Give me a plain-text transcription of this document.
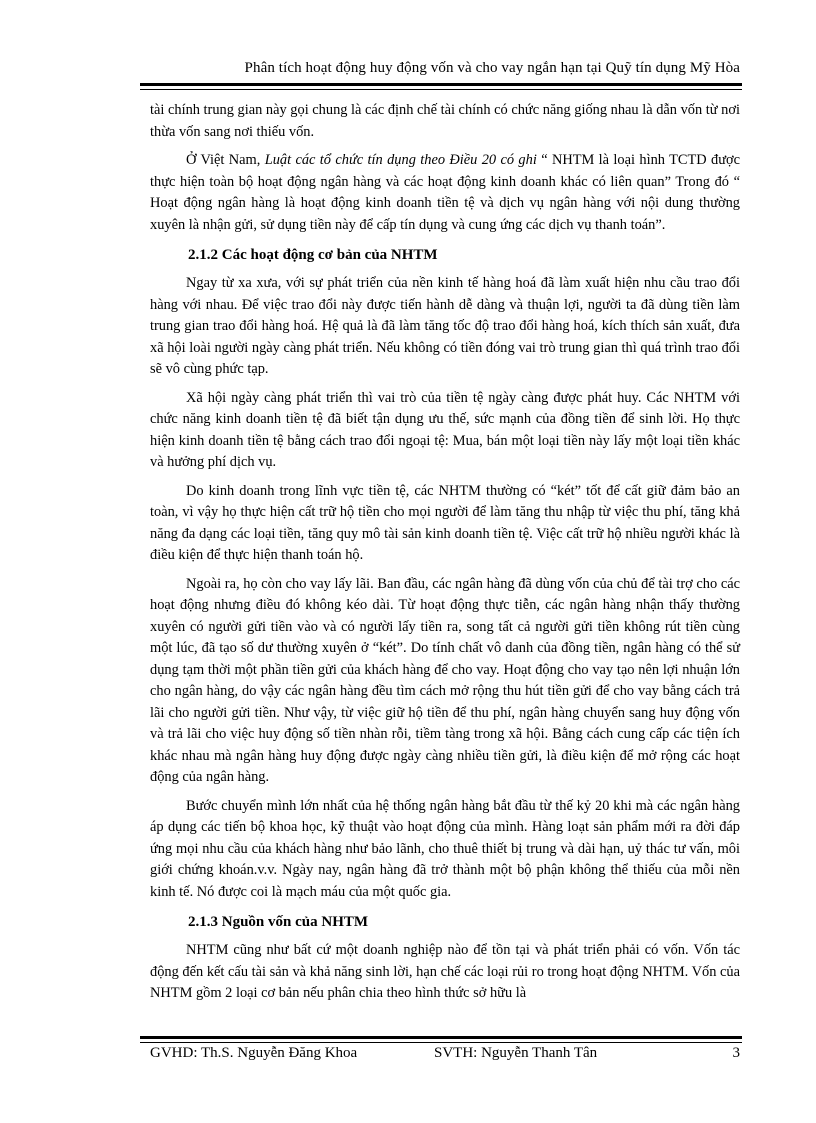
Phân tích hoạt động huy động vốn và cho vay ngắn hạn tại Quỹ tín dụng Mỹ Hòa

tài chính trung gian này gọi chung là các định chế tài chính có chức năng giống nhau là dẫn vốn từ nơi thừa vốn sang nơi thiếu vốn.

Ở Việt Nam, Luật các tổ chức tín dụng theo Điều 20 có ghi “ NHTM là loại hình TCTD được thực hiện toàn bộ hoạt động ngân hàng và các hoạt động kinh doanh khác có liên quan” Trong đó “ Hoạt động ngân hàng là hoạt động kinh doanh tiền tệ và dịch vụ ngân hàng với nội dung thường xuyên là nhận gửi, sử dụng tiền này để cấp tín dụng và cung ứng các dịch vụ thanh toán”.

2.1.2 Các hoạt động cơ bản của NHTM

Ngay từ xa xưa, với sự phát triển của nền kinh tế hàng hoá đã làm xuất hiện nhu cầu trao đổi hàng với nhau. Để việc trao đổi này được tiến hành dễ dàng và thuận lợi, người ta đã dùng tiền làm trung gian trao đổi hàng hoá. Hệ quả là đã làm tăng tốc độ trao đổi hàng hoá, kích thích sản xuất, đưa xã hội loài người ngày càng phát triển. Nếu không có tiền đóng vai trò trung gian thì quá trình trao đổi sẽ vô cùng phức tạp.

Xã hội ngày càng phát triển thì vai trò của tiền tệ ngày càng được phát huy. Các NHTM với chức năng kinh doanh tiền tệ đã biết tận dụng ưu thế, sức mạnh của đồng tiền để sinh lời. Họ thực hiện kinh doanh tiền tệ bằng cách trao đổi ngoại tệ: Mua, bán một loại tiền này lấy một loại tiền khác và hưởng phí dịch vụ.

Do kinh doanh trong lĩnh vực tiền tệ, các NHTM thường có “két” tốt để cất giữ đảm bảo an toàn, vì vậy họ thực hiện cất trữ hộ tiền cho mọi người để làm tăng thu nhập từ việc thu phí, tăng khả năng đa dạng các loại tiền, tăng quy mô tài sản kinh doanh tiền tệ. Việc cất trữ hộ nhiều người khác là điều kiện để thực hiện thanh toán hộ.

Ngoài ra, họ còn cho vay lấy lãi. Ban đầu, các ngân hàng đã dùng vốn của chủ để tài trợ cho các hoạt động nhưng điều đó không kéo dài. Từ hoạt động thực tiễn, các ngân hàng nhận thấy thường xuyên có người gửi tiền vào và có người lấy tiền ra, song tất cả người gửi tiền không rút tiền cùng một lúc, đã tạo số dư thường xuyên ở “két”. Do tính chất vô danh của đồng tiền, ngân hàng có thể sử dụng tạm thời một phần tiền gửi của khách hàng để cho vay. Hoạt động cho vay tạo nên lợi nhuận lớn cho ngân hàng, do vậy các ngân hàng đều tìm cách mở rộng thu hút tiền gửi để cho vay bằng cách trả lãi cho người gửi tiền. Như vậy, từ việc giữ hộ tiền để thu phí, ngân hàng chuyển sang huy động vốn và trả lãi cho việc huy động số tiền nhàn rỗi, tiềm tàng trong xã hội. Bằng cách cung cấp các tiện ích khác nhau mà ngân hàng huy động được ngày càng nhiều tiền gửi, là điều kiện để mở rộng các hoạt động của ngân hàng.

Bước chuyển mình lớn nhất của hệ thống ngân hàng bắt đầu từ thế kỷ 20 khi mà các ngân hàng áp dụng các tiến bộ khoa học, kỹ thuật vào hoạt động của mình. Hàng loạt sản phẩm mới ra đời đáp ứng mọi nhu cầu của khách hàng như bảo lãnh, cho thuê thiết bị trung và dài hạn, uỷ thác tư vấn, môi giới chứng khoán.v.v. Ngày nay, ngân hàng đã trở thành một bộ phận không thể thiếu của mỗi nền kinh tế. Nó được coi là mạch máu của một quốc gia.

2.1.3 Nguồn vốn của NHTM

NHTM cũng như bất cứ một doanh nghiệp nào để tồn tại và phát triển phải có vốn. Vốn tác động đến kết cấu tài sản và khả năng sinh lời, hạn chế các loại rủi ro trong hoạt động NHTM. Vốn của NHTM gồm 2 loại cơ bản nếu phân chia theo hình thức sở hữu là

GVHD: Th.S. Nguyễn Đăng Khoa	SVTH: Nguyễn Thanh Tân	3
